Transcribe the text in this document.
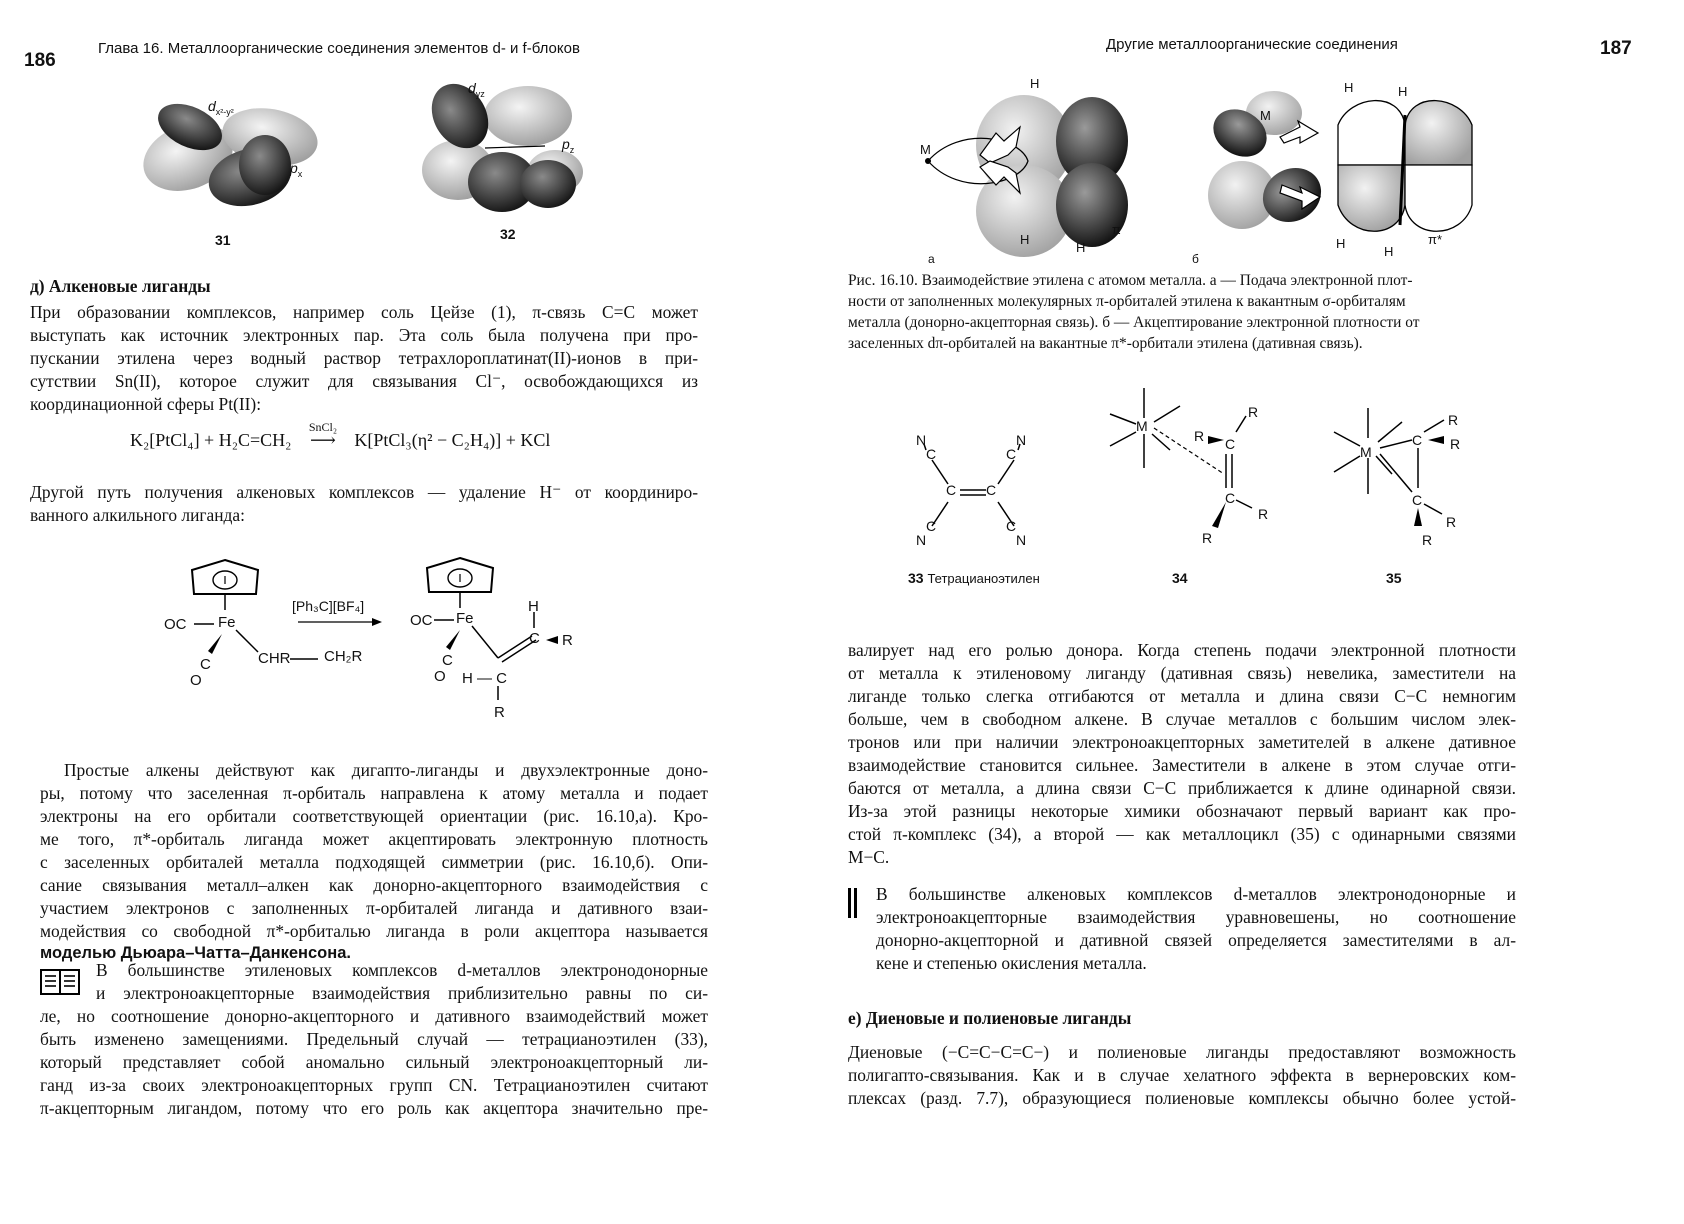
186
Глава 16. Металлоорганические соединения элементов d- и f-блоков
$d_{x^2-y^2}$
$p_x$
31
$d_{yz}$
$p_z$
32
д) Алкеновые лиганды
При образовании комплексов, например соль Цейзе (1), π-связь C=C может
выступать как источник электронных пар. Эта соль была получена при про-
пускании этилена через водный раствор тетрахлороплатинат(II)-ионов в при-
сутствии Sn(II), которое служит для связывания Cl⁻, освобождающихся из
координационной сферы Pt(II):
K₂[PtCl₄] + H₂C=CH₂
SnCl₂
⟶ K[PtCl₃(η² − C₂H₄)] + KCl
Другой путь получения алкеновых комплексов — удаление H⁻ от координиро-
ванного алкильного лиганда:
[Ph₃C][BF₄]
OC Fe
C
O
CHR CH₂R
OC Fe
C
O
H
C R
H — C
R
Простые алкены действуют как дигапто-лиганды и двухэлектронные доно-
ры, потому что заселенная π-орбиталь направлена к атому металла и подает
электроны на его орбитали соответствующей ориентации (рис. 16.10,а). Кро-
ме того, π*-орбиталь лиганда может акцептировать электронную плотность
с заселенных орбиталей металла подходящей симметрии (рис. 16.10,б). Опи-
сание связывания металл–алкен как донорно-акцепторного взаимодействия с
участием электронов с заполненных π-орбиталей лиганда и дативного взаи-
модействия со свободной π*-орбиталью лиганда в роли акцептора называется
моделью Дьюара–Чатта–Данкенсона.
В большинстве этиленовых комплексов d-металлов электронодонорные
и электроноакцепторные взаимодействия приблизительно равны по си-
ле, но соотношение донорно-акцепторного и дативного взаимодействий может
быть изменено замещениями. Предельный случай — тетрацианоэтилен (33),
который представляет собой аномально сильный электроноакцепторный ли-
ганд из-за своих электроноакцепторных групп CN. Тетрацианоэтилен считают
π-акцепторным лигандом, потому что его роль как акцептора значительно пре-
Другие металлоорганические соединения	187
M
H
H
H
π
а
M
H	H
H
H
π*
б
Рис. 16.10. Взаимодействие этилена с атомом металла. а — Подача электронной плот-
ности от заполненных молекулярных π-орбиталей этилена к вакантным σ-орбиталям
металла (донорно-акцепторная связь). б — Акцептирование электронной плотности от
заселенных dπ-орбиталей на вакантные π*-орбитали этилена (дативная связь).
N
C
N
C
C C
C
N
C
N
33 Тетрацианоэтилен
M
R C
R
C
R
R
34
M
C
R
R
C
R
R
35
валирует над его ролью донора. Когда степень подачи электронной плотности
от металла к этиленовому лиганду (дативная связь) невелика, заместители на
лиганде только слегка отгибаются от металла и длина связи C−C немногим
больше, чем в свободном алкене. В случае металлов с большим числом элек-
тронов или при наличии электроноакцепторных заметителей в алкене дативное
взаимодействие становится сильнее. Заместители в алкене в этом случае отги-
баются от металла, а длина связи C−C приближается к длине одинарной связи.
Из-за этой разницы некоторые химики обозначают первый вариант как про-
стой π-комплекс (34), а второй — как металлоцикл (35) с одинарными связями
M−C.
В большинстве алкеновых комплексов d-металлов электронодонорные и
электроноакцепторные взаимодействия уравновешены, но соотношение
донорно-акцепторной и дативной связей определяется заместителями в ал-
кене и степенью окисления металла.
е) Диеновые и полиеновые лиганды
Диеновые (−C=C−C=C−) и полиеновые лиганды предоставляют возможность
полигапто-связывания. Как и в случае хелатного эффекта в вернеровских ком-
плексах (разд. 7.7), образующиеся полиеновые комплексы обычно более устой-
